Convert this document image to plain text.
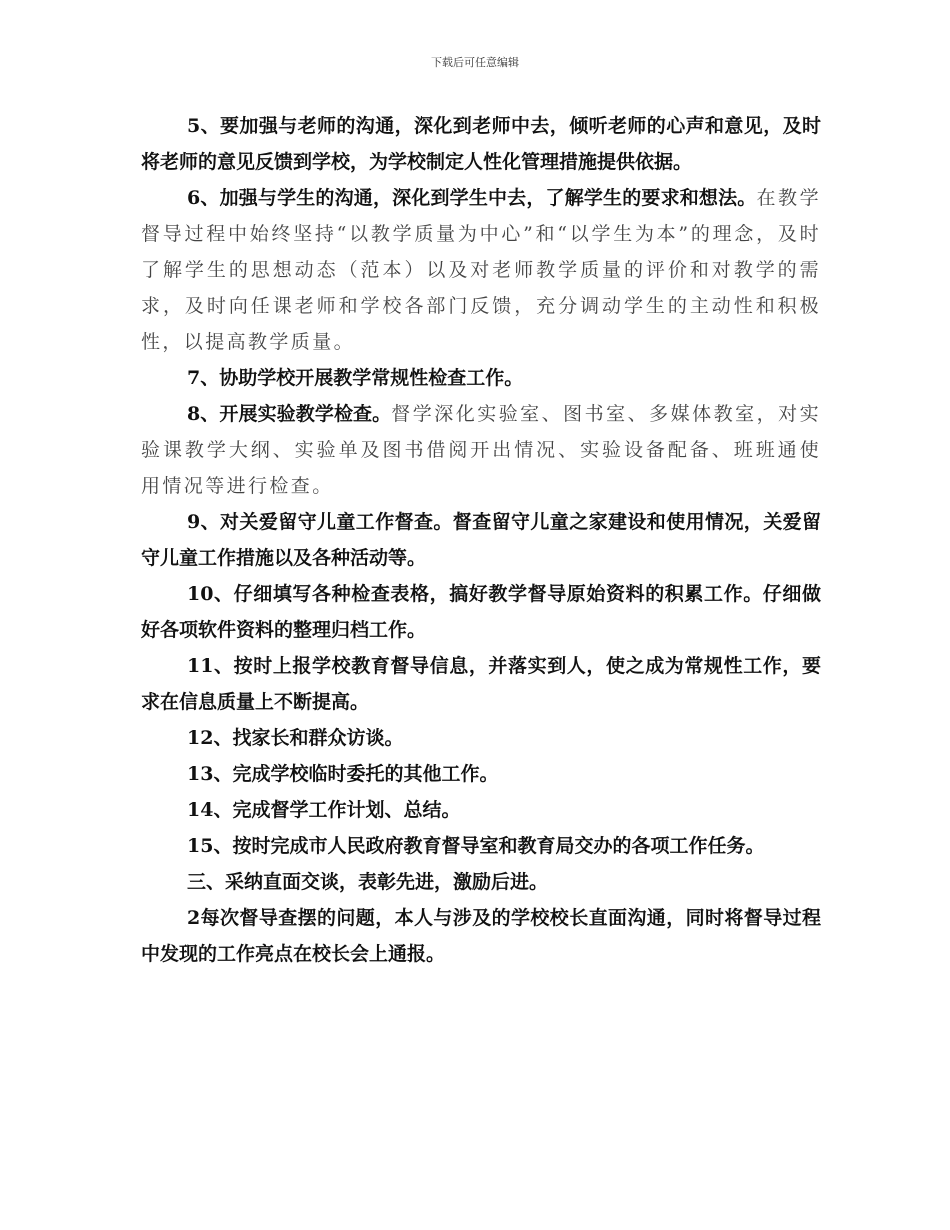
下载后可任意编辑

5、要加强与老师的沟通，深化到老师中去，倾听老师的心声和意见，及时将老师的意见反馈到学校，为学校制定人性化管理措施提供依据。

6、加强与学生的沟通，深化到学生中去，了解学生的要求和想法。在教学督导过程中始终坚持“以教学质量为中心”和“以学生为本”的理念，及时了解学生的思想动态（范本）以及对老师教学质量的评价和对教学的需求，及时向任课老师和学校各部门反馈，充分调动学生的主动性和积极性，以提高教学质量。

7、协助学校开展教学常规性检查工作。

8、开展实验教学检查。督学深化实验室、图书室、多媒体教室，对实验课教学大纲、实验单及图书借阅开出情况、实验设备配备、班班通使用情况等进行检查。

9、对关爱留守儿童工作督查。督查留守儿童之家建设和使用情况，关爱留守儿童工作措施以及各种活动等。

10、仔细填写各种检查表格，搞好教学督导原始资料的积累工作。仔细做好各项软件资料的整理归档工作。

11、按时上报学校教育督导信息，并落实到人，使之成为常规性工作，要求在信息质量上不断提高。

12、找家长和群众访谈。

13、完成学校临时委托的其他工作。

14、完成督学工作计划、总结。

15、按时完成市人民政府教育督导室和教育局交办的各项工作任务。

三、采纳直面交谈，表彰先进，激励后进。

2每次督导查摆的问题，本人与涉及的学校校长直面沟通，同时将督导过程中发现的工作亮点在校长会上通报。
